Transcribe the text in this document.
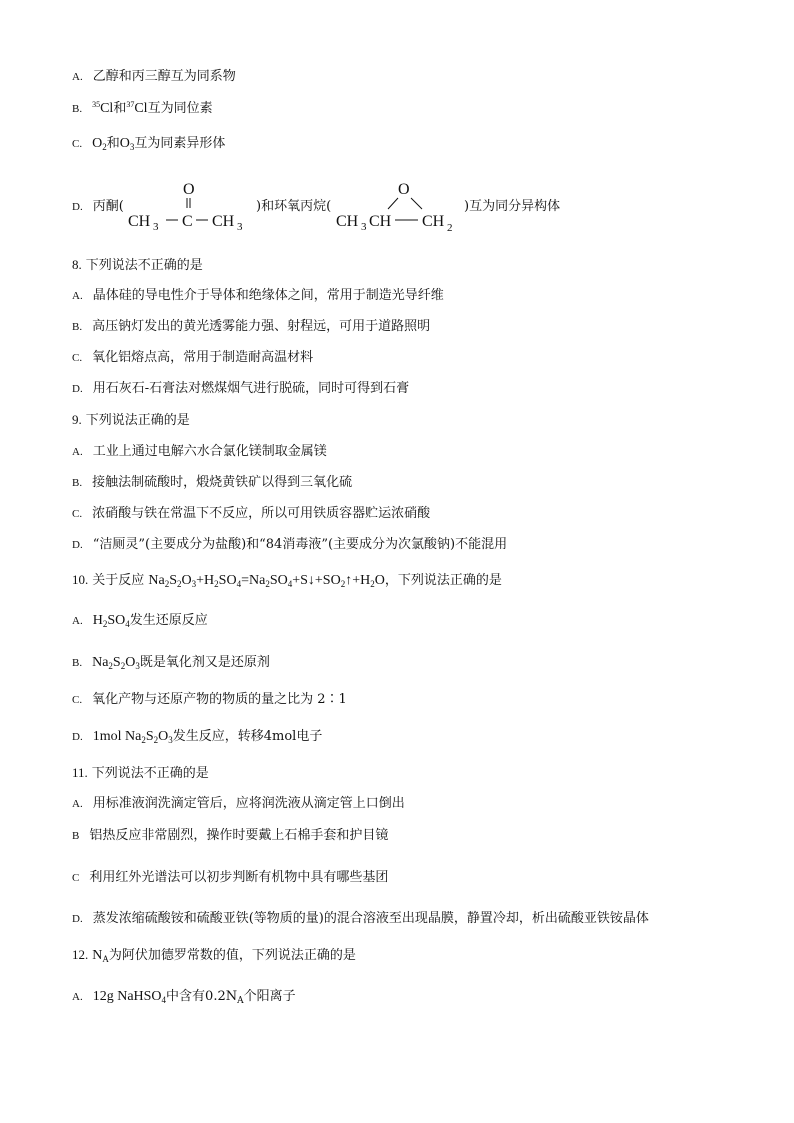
A. 乙醇和丙三醇互为同系物
B. $^{35}$Cl和$^{37}$Cl互为同位素
C. $O_2$和$O_3$互为同素异形体
D. 丙酮(
O
CH 3 C CH 3
)和环氧丙烷(
O
CH 3 CH CH 2
)互为同分异构体
8. 下列说法不正确的是
A. 晶体硅的导电性介于导体和绝缘体之间，常用于制造光导纤维
B. 高压钠灯发出的黄光透雾能力强、射程远，可用于道路照明
C. 氧化铝熔点高，常用于制造耐高温材料
D. 用石灰石-石膏法对燃煤烟气进行脱硫，同时可得到石膏
9. 下列说法正确的是
A. 工业上通过电解六水合氯化镁制取金属镁
B. 接触法制硫酸时，煅烧黄铁矿以得到三氧化硫
C. 浓硝酸与铁在常温下不反应，所以可用铁质容器贮运浓硝酸
D. “洁厕灵”(主要成分为盐酸)和“84消毒液”(主要成分为次氯酸钠)不能混用
10. 关于反应 $Na_2S_2O_3+H_2SO_4=Na_2SO_4+S↓+SO_2↑+H_2O$，下列说法正确的是
A. $H_2SO_4$发生还原反应
B. $Na_2S_2O_3$既是氧化剂又是还原剂
C. 氧化产物与还原产物的物质的量之比为 2∶1
D. 1mol $Na_2S_2O_3$发生反应，转移4mol电子
11. 下列说法不正确的是
A. 用标准液润洗滴定管后，应将润洗液从滴定管上口倒出
B 铝热反应非常剧烈，操作时要戴上石棉手套和护目镜
C 利用红外光谱法可以初步判断有机物中具有哪些基团
D. 蒸发浓缩硫酸铵和硫酸亚铁(等物质的量)的混合溶液至出现晶膜，静置冷却，析出硫酸亚铁铵晶体
12. $N_A$为阿伏加德罗常数的值，下列说法正确的是
A. 12g NaHSO$_4$中含有$0.2N_A$个阳离子
